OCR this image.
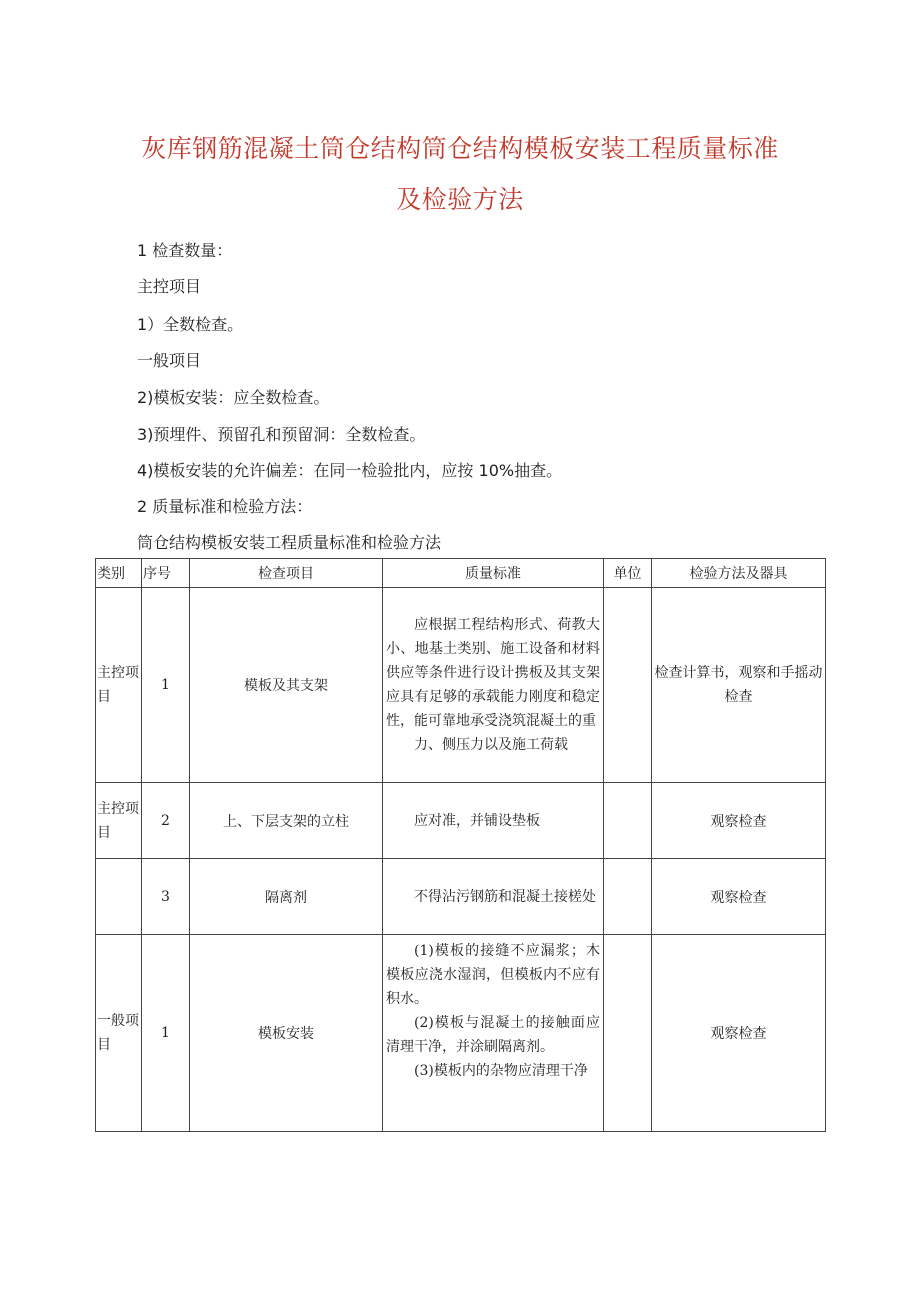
灰库钢筋混凝土筒仓结构筒仓结构模板安装工程质量标准
及检验方法
1 检查数量：
主控项目
1）全数检查。
一般项目
2)模板安装：应全数检查。
3)预埋件、预留孔和预留洞：全数检查。
4)模板安装的允许偏差：在同一检验批内，应按 10%抽查。
2 质量标准和检验方法：
筒仓结构模板安装工程质量标准和检验方法
类别	序号	检查项目	质量标准	单位	检验方法及器具
主控项目	1	模板及其支架	应根据工程结构形式、荷教大小、地基土类别、施工设备和材料供应等条件进行设计携板及其支架应具有足够的承载能力刚度和稳定性，能可靠地承受浇筑混凝土的重

力、侧压力以及施工荷载		检查计算书，观察和手摇动检查
主控项目	2	上、下层支架的立柱	应对准，并铺设垫板		观察检查
	3	隔离剂	不得沾污钢筋和混凝土接槎处		观察检查
一般项目	1	模板安装	(1)模板的接缝不应漏浆；木模板应浇水湿润，但模板内不应有积水。

(2)模板与混凝土的接触面应清理干净，并涂刷隔离剂。

(3)模板内的杂物应清理干净		观察检查
